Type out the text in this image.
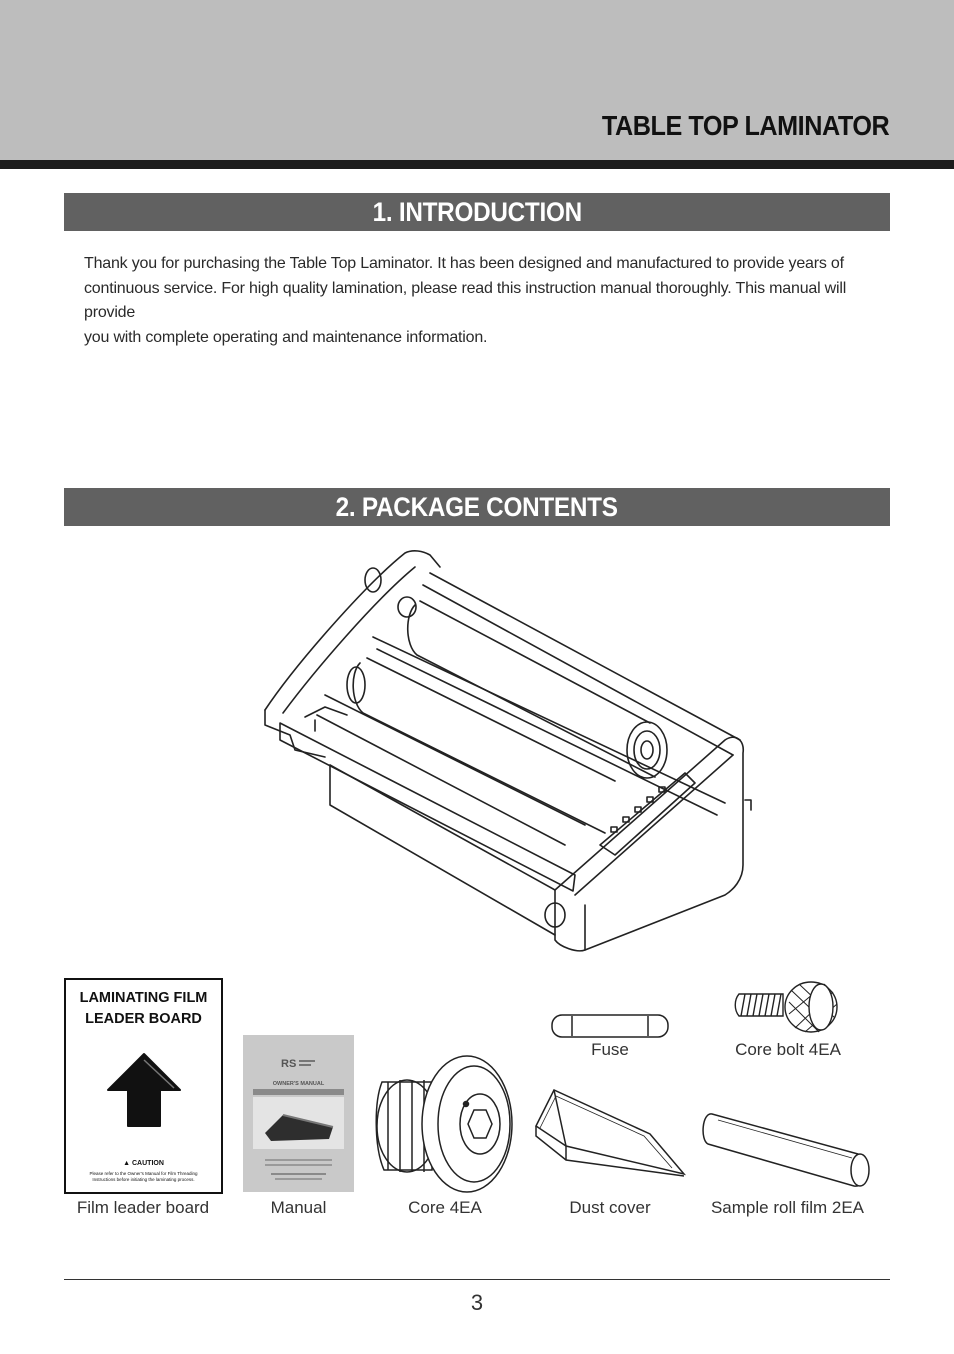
TABLE TOP LAMINATOR
1. INTRODUCTION
Thank you for purchasing the Table Top Laminator. It has been designed and manufactured to provide years of
continuous service. For high quality lamination, please read this instruction manual thoroughly. This manual will provide
you with complete operating and maintenance information.
2. PACKAGE CONTENTS
LAMINATING FILM
LEADER BOARD
▲ CAUTION
Please refer to the Owner's Manual for Film Threading
Instructions before initiating the laminating process.
RS
OWNER'S MANUAL
Film leader board	Manual	Core 4EA
Fuse	Core bolt 4EA
Dust cover	Sample roll film 2EA
3
